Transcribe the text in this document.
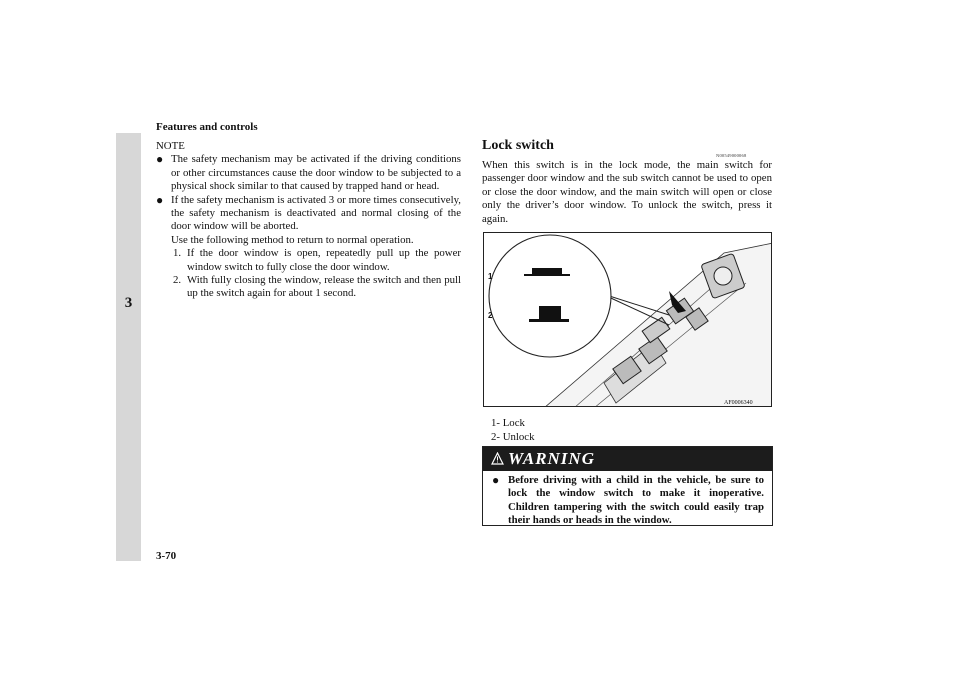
Features and controls
3
NOTE
● The safety mechanism may be activated if the driving conditions or other circumstances cause the door window to be subjected to a physical shock similar to that caused by trapped hand or head.
● If the safety mechanism is activated 3 or more times consecutively, the safety mechanism is deactivated and normal closing of the door window will be aborted.
Use the following method to return to normal operation.
1. If the door window is open, repeatedly pull up the power window switch to fully close the door window.
2. With fully closing the window, release the switch and then pull up the switch again for about 1 second.
Lock switch
N00549000068
When this switch is in the lock mode, the main switch for passenger door window and the sub switch cannot be used to open or close the door window, and the main switch will open or close only the driver’s door window. To unlock the switch, press it again.
1
2
AF0006340
1- Lock
2- Unlock
WARNING
● Before driving with a child in the vehicle, be sure to lock the window switch to make it inoperative. Children tampering with the switch could easily trap their hands or heads in the window.
3-70
